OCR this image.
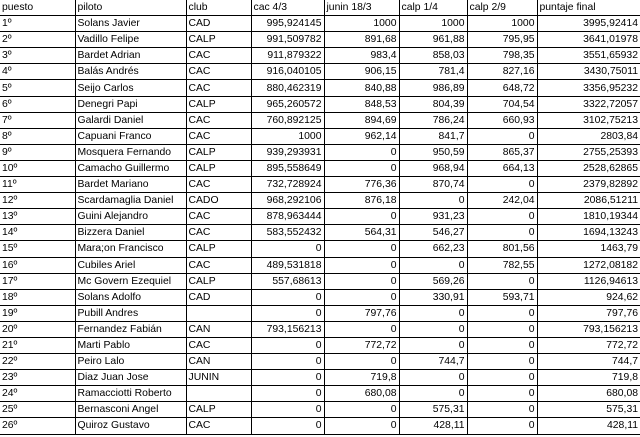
puesto	piloto	club	cac 4/3	junin 18/3	calp 1/4	calp 2/9	puntaje final
1º	Solans Javier	CAD	995,924145	1000	1000	1000	3995,92414
2º	Vadillo Felipe	CALP	991,509782	891,68	961,88	795,95	3641,01978
3º	Bardet Adrian	CAC	911,879322	983,4	858,03	798,35	3551,65932
4º	Balás Andrés	CAC	916,040105	906,15	781,4	827,16	3430,75011
5º	Seijo Carlos	CAC	880,462319	840,88	986,89	648,72	3356,95232
6º	Denegri Papi	CALP	965,260572	848,53	804,39	704,54	3322,72057
7º	Galardi Daniel	CAC	760,892125	894,69	786,24	660,93	3102,75213
8º	Capuani Franco	CAC	1000	962,14	841,7	0	2803,84
9º	Mosquera Fernando	CALP	939,293931	0	950,59	865,37	2755,25393
10º	Camacho Guillermo	CALP	895,558649	0	968,94	664,13	2528,62865
11º	Bardet Mariano	CAC	732,728924	776,36	870,74	0	2379,82892
12º	Scardamaglia Daniel	CADO	968,292106	876,18	0	242,04	2086,51211
13º	Guini Alejandro	CAC	878,963444	0	931,23	0	1810,19344
14º	Bizzera Daniel	CAC	583,552432	564,31	546,27	0	1694,13243
15º	Mara;on Francisco	CALP	0	0	662,23	801,56	1463,79
16º	Cubiles Ariel	CAC	489,531818	0	0	782,55	1272,08182
17º	Mc Govern Ezequiel	CALP	557,68613	0	569,26	0	1126,94613
18º	Solans Adolfo	CAD	0	0	330,91	593,71	924,62
19º	Pubill Andres		0	797,76	0	0	797,76
20º	Fernandez Fabián	CAN	793,156213	0	0	0	793,156213
21º	Marti Pablo	CAC	0	772,72	0	0	772,72
22º	Peiro Lalo	CAN	0	0	744,7	0	744,7
23º	Diaz Juan Jose	JUNIN	0	719,8	0	0	719,8
24º	Ramacciotti Roberto		0	680,08	0	0	680,08
25º	Bernasconi Angel	CALP	0	0	575,31	0	575,31
26º	Quiroz Gustavo	CAC	0	0	428,11	0	428,11
